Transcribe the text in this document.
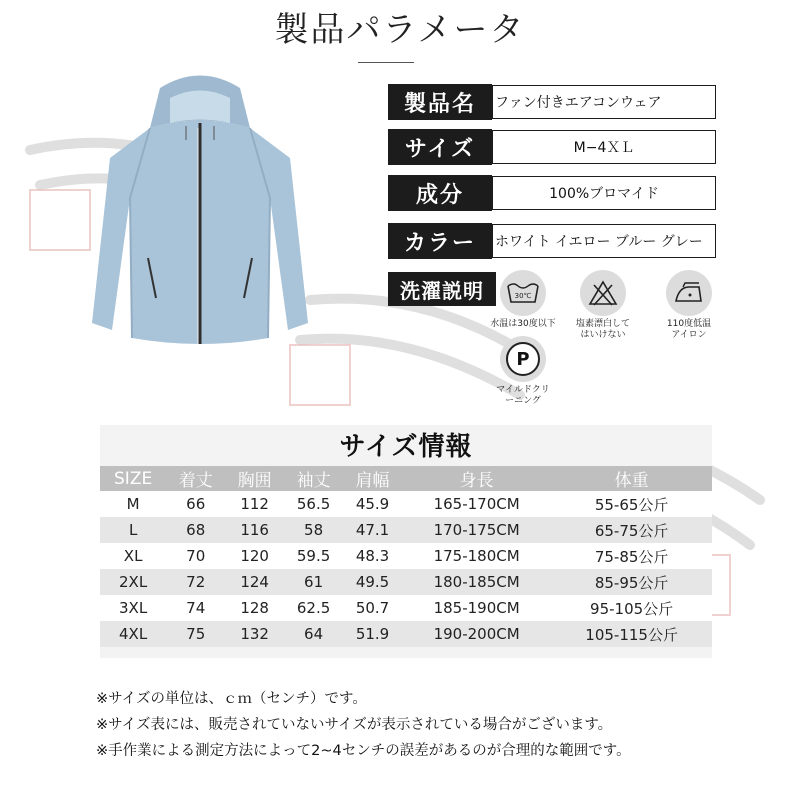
製品パラメータ
製品名	ファン付きエアコンウェア
サイズ	M−4ＸＬ
成分	100%ブロマイド
カラー	ホワイト イエロー ブルー グレー
洗濯説明	30℃
水温は30度以下	塩素漂白して
はいけない
110度低温
アイロン
P
マイルドクリ
ーニング
サイズ情報
SIZE	着丈	胸囲	袖丈	肩幅	身長	体重
M	66	112	56.5	45.9	165-170CM	55-65公斤
L	68	116	58	47.1	170-175CM	65-75公斤
XL	70	120	59.5	48.3	175-180CM	75-85公斤
2XL	72	124	61	49.5	180-185CM	85-95公斤
3XL	74	128	62.5	50.7	185-190CM	95-105公斤
4XL	75	132	64	51.9	190-200CM	105-115公斤
※サイズの単位は、ｃｍ（センチ）です。
※サイズ表には、販売されていないサイズが表示されている場合がございます。
※手作業による測定方法によって2~4センチの誤差があるのが合理的な範囲です。
